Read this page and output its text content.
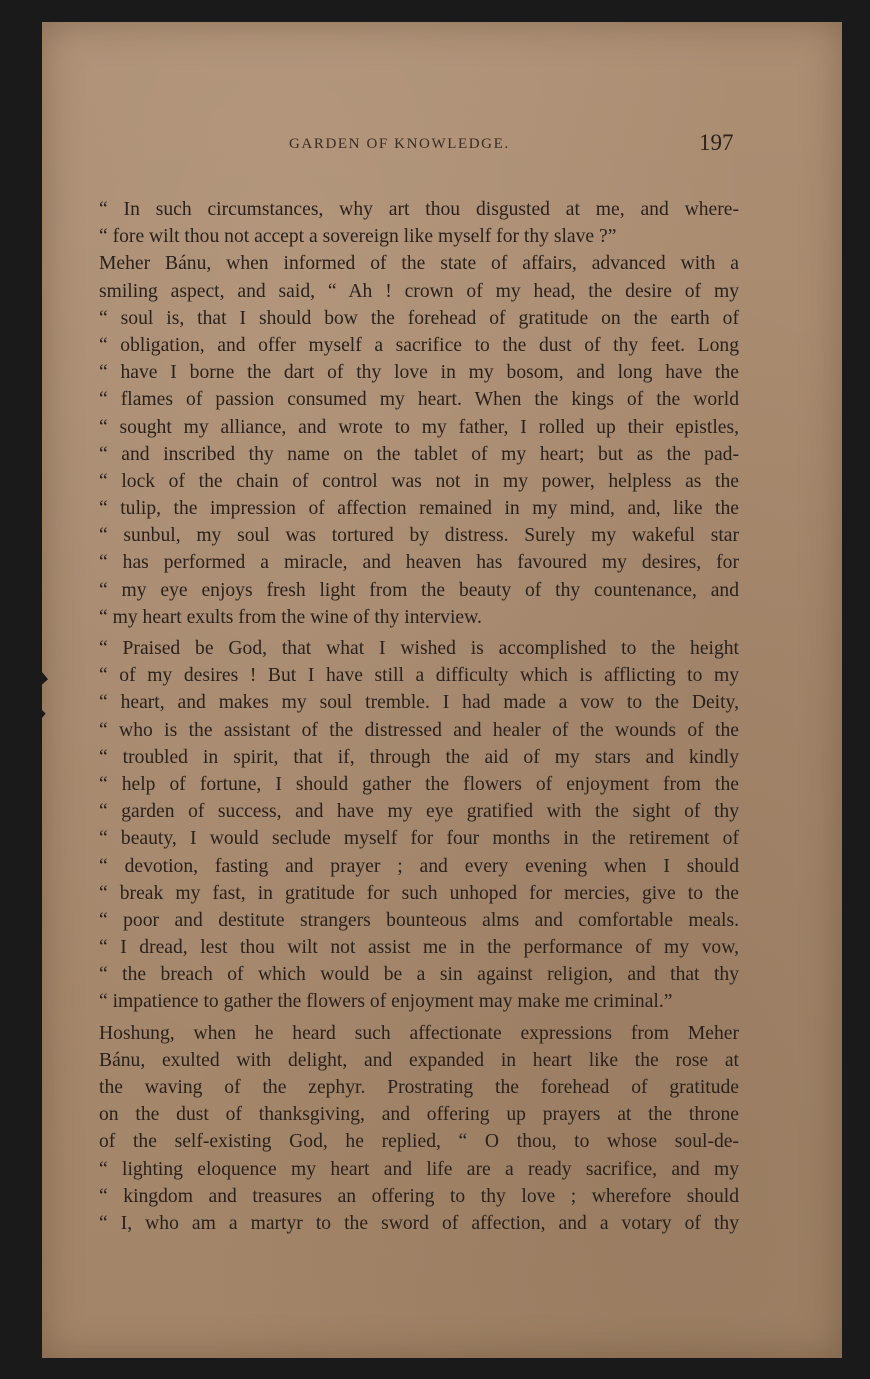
GARDEN OF KNOWLEDGE.	197
“ In such circumstances, why art thou disgusted at me, and where-
“ fore wilt thou not accept a sovereign like myself for thy slave ?”
Meher Bánu, when informed of the state of affairs, advanced with a
smiling aspect, and said, “ Ah ! crown of my head, the desire of my
“ soul is, that I should bow the forehead of gratitude on the earth of
“ obligation, and offer myself a sacrifice to the dust of thy feet. Long
“ have I borne the dart of thy love in my bosom, and long have the
“ flames of passion consumed my heart. When the kings of the world
“ sought my alliance, and wrote to my father, I rolled up their epistles,
“ and inscribed thy name on the tablet of my heart; but as the pad-
“ lock of the chain of control was not in my power, helpless as the
“ tulip, the impression of affection remained in my mind, and, like the
“ sunbul, my soul was tortured by distress. Surely my wakeful star
“ has performed a miracle, and heaven has favoured my desires, for
“ my eye enjoys fresh light from the beauty of thy countenance, and
“ my heart exults from the wine of thy interview.
“ Praised be God, that what I wished is accomplished to the height
“ of my desires ! But I have still a difficulty which is afflicting to my
“ heart, and makes my soul tremble. I had made a vow to the Deity,
“ who is the assistant of the distressed and healer of the wounds of the
“ troubled in spirit, that if, through the aid of my stars and kindly
“ help of fortune, I should gather the flowers of enjoyment from the
“ garden of success, and have my eye gratified with the sight of thy
“ beauty, I would seclude myself for four months in the retirement of
“ devotion, fasting and prayer ; and every evening when I should
“ break my fast, in gratitude for such unhoped for mercies, give to the
“ poor and destitute strangers bounteous alms and comfortable meals.
“ I dread, lest thou wilt not assist me in the performance of my vow,
“ the breach of which would be a sin against religion, and that thy
“ impatience to gather the flowers of enjoyment may make me criminal.”
Hoshung, when he heard such affectionate expressions from Meher
Bánu, exulted with delight, and expanded in heart like the rose at
the waving of the zephyr. Prostrating the forehead of gratitude
on the dust of thanksgiving, and offering up prayers at the throne
of the self-existing God, he replied, “ O thou, to whose soul-de-
“ lighting eloquence my heart and life are a ready sacrifice, and my
“ kingdom and treasures an offering to thy love ; wherefore should
“ I, who am a martyr to the sword of affection, and a votary of thy
